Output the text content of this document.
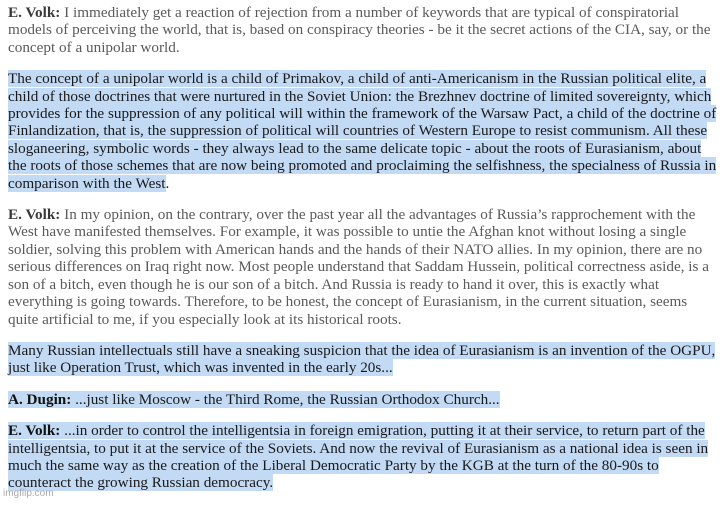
E. Volk: I immediately get a reaction of rejection from a number of keywords that are typical of conspiratorial models of perceiving the world, that is, based on conspiracy theories - be it the secret actions of the CIA, say, or the concept of a unipolar world.

The concept of a unipolar world is a child of Primakov, a child of anti-Americanism in the Russian political elite, a child of those doctrines that were nurtured in the Soviet Union: the Brezhnev doctrine of limited sovereignty, which provides for the suppression of any political will within the framework of the Warsaw Pact, a child of the doctrine of Finlandization, that is, the suppression of political will countries of Western Europe to resist communism. All these sloganeering, symbolic words - they always lead to the same delicate topic - about the roots of Eurasianism, about the roots of those schemes that are now being promoted and proclaiming the selfishness, the specialness of Russia in comparison with the West.

E. Volk: In my opinion, on the contrary, over the past year all the advantages of Russia’s rapprochement with the West have manifested themselves. For example, it was possible to untie the Afghan knot without losing a single soldier, solving this problem with American hands and the hands of their NATO allies. In my opinion, there are no serious differences on Iraq right now. Most people understand that Saddam Hussein, political correctness aside, is a son of a bitch, even though he is our son of a bitch. And Russia is ready to hand it over, this is exactly what everything is going towards. Therefore, to be honest, the concept of Eurasianism, in the current situation, seems quite artificial to me, if you especially look at its historical roots.

Many Russian intellectuals still have a sneaking suspicion that the idea of Eurasianism is an invention of the OGPU, just like Operation Trust, which was invented in the early 20s...

A. Dugin: ...just like Moscow - the Third Rome, the Russian Orthodox Church...

E. Volk: ...in order to control the intelligentsia in foreign emigration, putting it at their service, to return part of the intelligentsia, to put it at the service of the Soviets. And now the revival of Eurasianism as a national idea is seen in much the same way as the creation of the Liberal Democratic Party by the KGB at the turn of the 80-90s to counteract the growing Russian democracy.

imgflip.com
